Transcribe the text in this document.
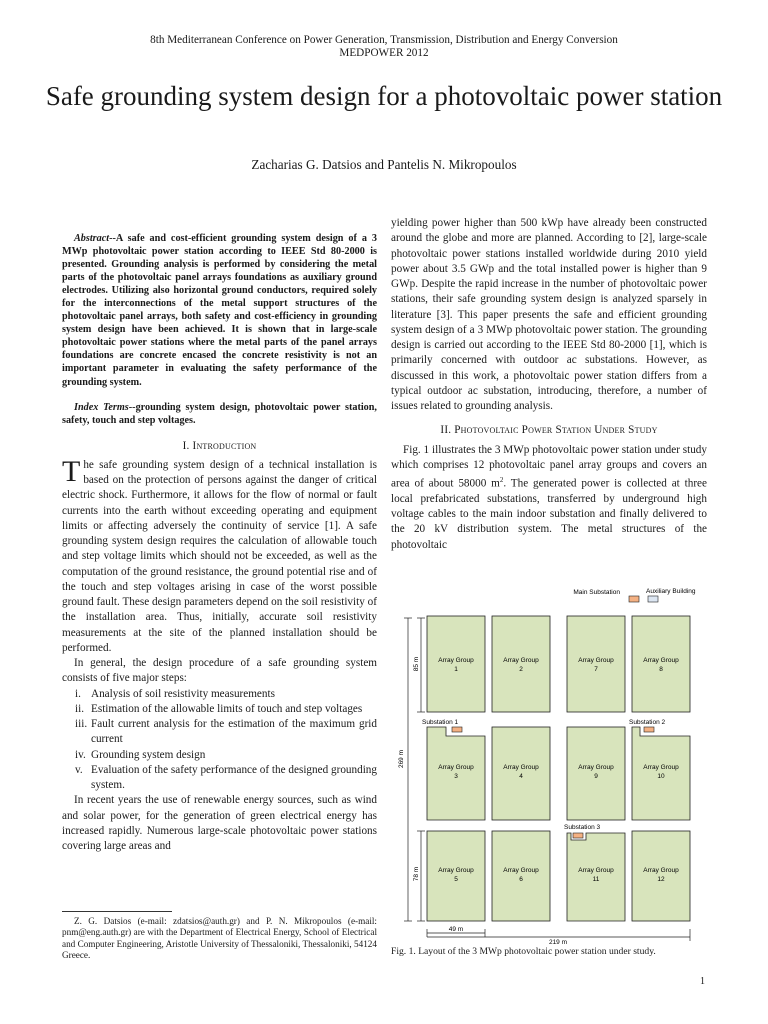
8th Mediterranean Conference on Power Generation, Transmission, Distribution and Energy Conversion
MEDPOWER 2012
Safe grounding system design for a photovoltaic power station
Zacharias G. Datsios and Pantelis N. Mikropoulos

Abstract--A safe and cost-efficient grounding system design of a 3 MWp photovoltaic power station according to IEEE Std 80-2000 is presented. Grounding analysis is performed by considering the metal parts of the photovoltaic panel arrays foundations as auxiliary ground electrodes. Utilizing also horizontal ground conductors, required solely for the interconnections of the metal support structures of the photovoltaic panel arrays, both safety and cost-efficiency in grounding system design have been achieved. It is shown that in large-scale photovoltaic power stations where the metal parts of the panel arrays foundations are concrete encased the concrete resistivity is not an important parameter in evaluating the safety performance of the grounding system.

Index Terms--grounding system design, photovoltaic power station, safety, touch and step voltages.

I. Introduction

The safe grounding system design of a technical installation is based on the protection of persons against the danger of critical electric shock. Furthermore, it allows for the flow of normal or fault currents into the earth without exceeding operating and equipment limits or affecting adversely the continuity of service [1]. A safe grounding system design requires the calculation of allowable touch and step voltage limits which should not be exceeded, as well as the computation of the ground resistance, the ground potential rise and of the touch and step voltages arising in case of the worst possible ground fault. These design parameters depend on the soil resistivity of the installation area. Thus, initially, accurate soil resistivity measurements at the site of the planned installation should be performed.

In general, the design procedure of a safe grounding system consists of five major steps:

i. Analysis of soil resistivity measurements
ii. Estimation of the allowable limits of touch and step voltages
iii. Fault current analysis for the estimation of the maximum grid current
iv. Grounding system design
v. Evaluation of the safety performance of the designed grounding system.

In recent years the use of renewable energy sources, such as wind and solar power, for the generation of green electrical energy has increased rapidly. Numerous large-scale photovoltaic power stations covering large areas and

Z. G. Datsios (e-mail: zdatsios@auth.gr) and P. N. Mikropoulos (e-mail: pnm@eng.auth.gr) are with the Department of Electrical Energy, School of Electrical and Computer Engineering, Aristotle University of Thessaloniki, Thessaloniki, 54124 Greece.

yielding power higher than 500 kWp have already been constructed around the globe and more are planned. According to [2], large-scale photovoltaic power stations installed worldwide during 2010 yield power about 3.5 GWp and the total installed power is higher than 9 GWp. Despite the rapid increase in the number of photovoltaic power stations, their safe grounding system design is analyzed sparsely in literature [3]. This paper presents the safe and efficient grounding system design of a 3 MWp photovoltaic power station. The grounding design is carried out according to the IEEE Std 80-2000 [1], which is primarily concerned with outdoor ac substations. However, as discussed in this work, a photovoltaic power station differs from a typical outdoor ac substation, introducing, therefore, a number of issues related to grounding analysis.

II. Photovoltaic Power Station Under Study

Fig. 1 illustrates the 3 MWp photovoltaic power station under study which comprises 12 photovoltaic panel array groups and covers an area of about 58000 $m^2$. The generated power is collected at three local prefabricated substations, transferred by underground high voltage cables to the main indoor substation and finally delivered to the 20 kV distribution system. The metal structures of the photovoltaic

Main Substation	Auxiliary Building
Substation 1	Substation 2
Substation 3
Array Group
1
Array Group
2
Array Group
7
Array Group
8
Array Group
3
Array Group
4
Array Group
9
Array Group
10
Array Group
5
Array Group
6
Array Group
11
Array Group
12
269 m
85 m
78 m
49 m
219 m
Fig. 1. Layout of the 3 MWp photovoltaic power station under study.
1
